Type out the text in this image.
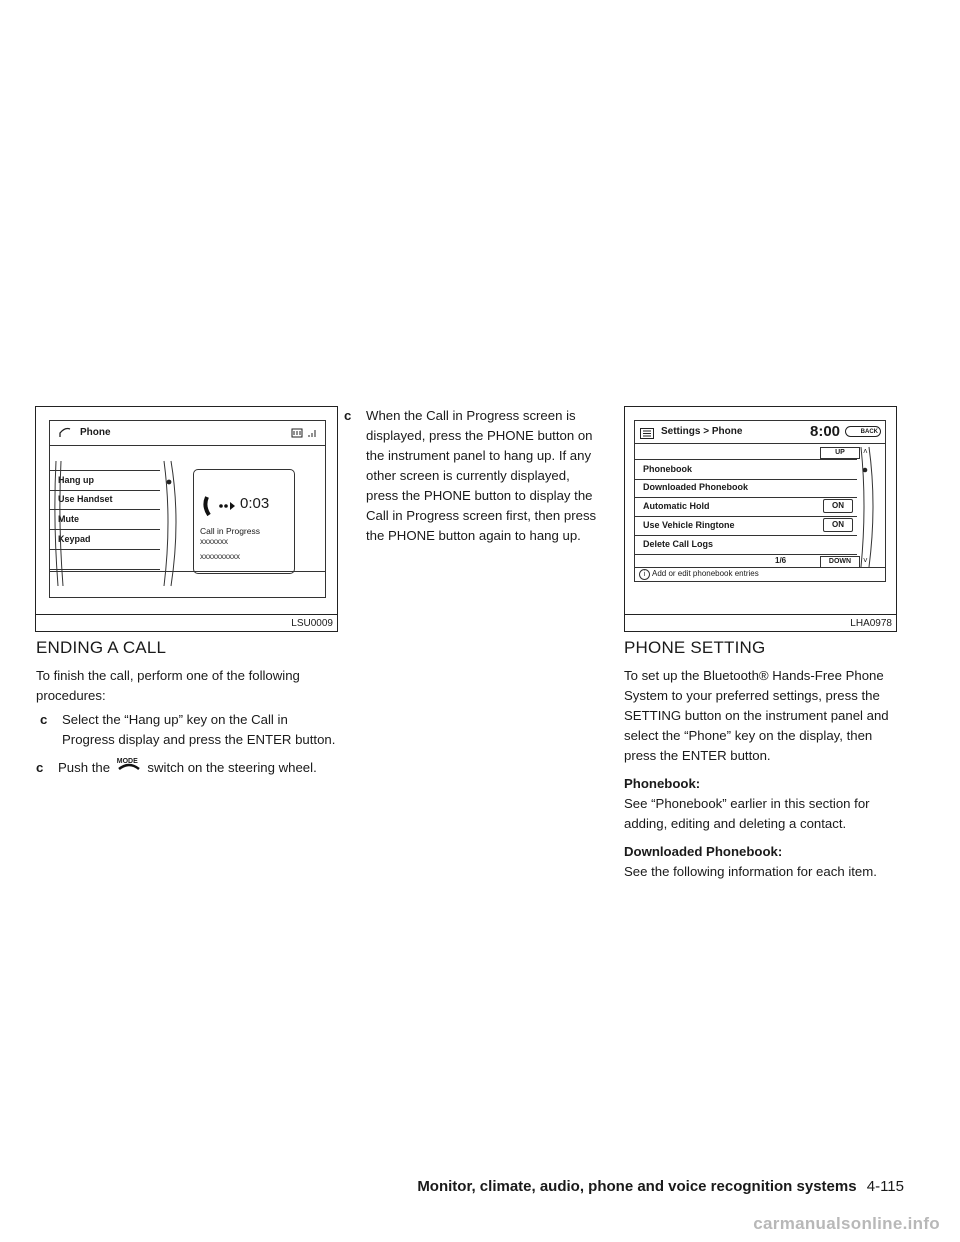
Phone
Hang up
Use Handset
Mute
Keypad
0:03
Call in Progress
xxxxxxx
xxxxxxxxxx
LSU0009
Settings > Phone	8:00	BACK
UP	˄
Phonebook
Downloaded Phonebook
Automatic Hold	ON
Use Vehicle Ringtone	ON
Delete Call Logs
1/6	DOWN	˅
i Add or edit phonebook entries
LHA0978
ENDING A CALL

To finish the call, perform one of the following procedures:

c Select the “Hang up” key on the Call in Progress display and press the ENTER button.

c Push the MODE switch on the steering wheel.

c When the Call in Progress screen is displayed, press the PHONE button on the instrument panel to hang up. If any other screen is currently displayed, press the PHONE button to display the Call in Progress screen first, then press the PHONE button again to hang up.

PHONE SETTING

To set up the Bluetooth® Hands-Free Phone System to your preferred settings, press the SETTING button on the instrument panel and select the “Phone” key on the display, then press the ENTER button.

Phonebook:

See “Phonebook” earlier in this section for adding, editing and deleting a contact.

Downloaded Phonebook:

See the following information for each item.

Monitor, climate, audio, phone and voice recognition systems 4-115
carmanualsonline.info
